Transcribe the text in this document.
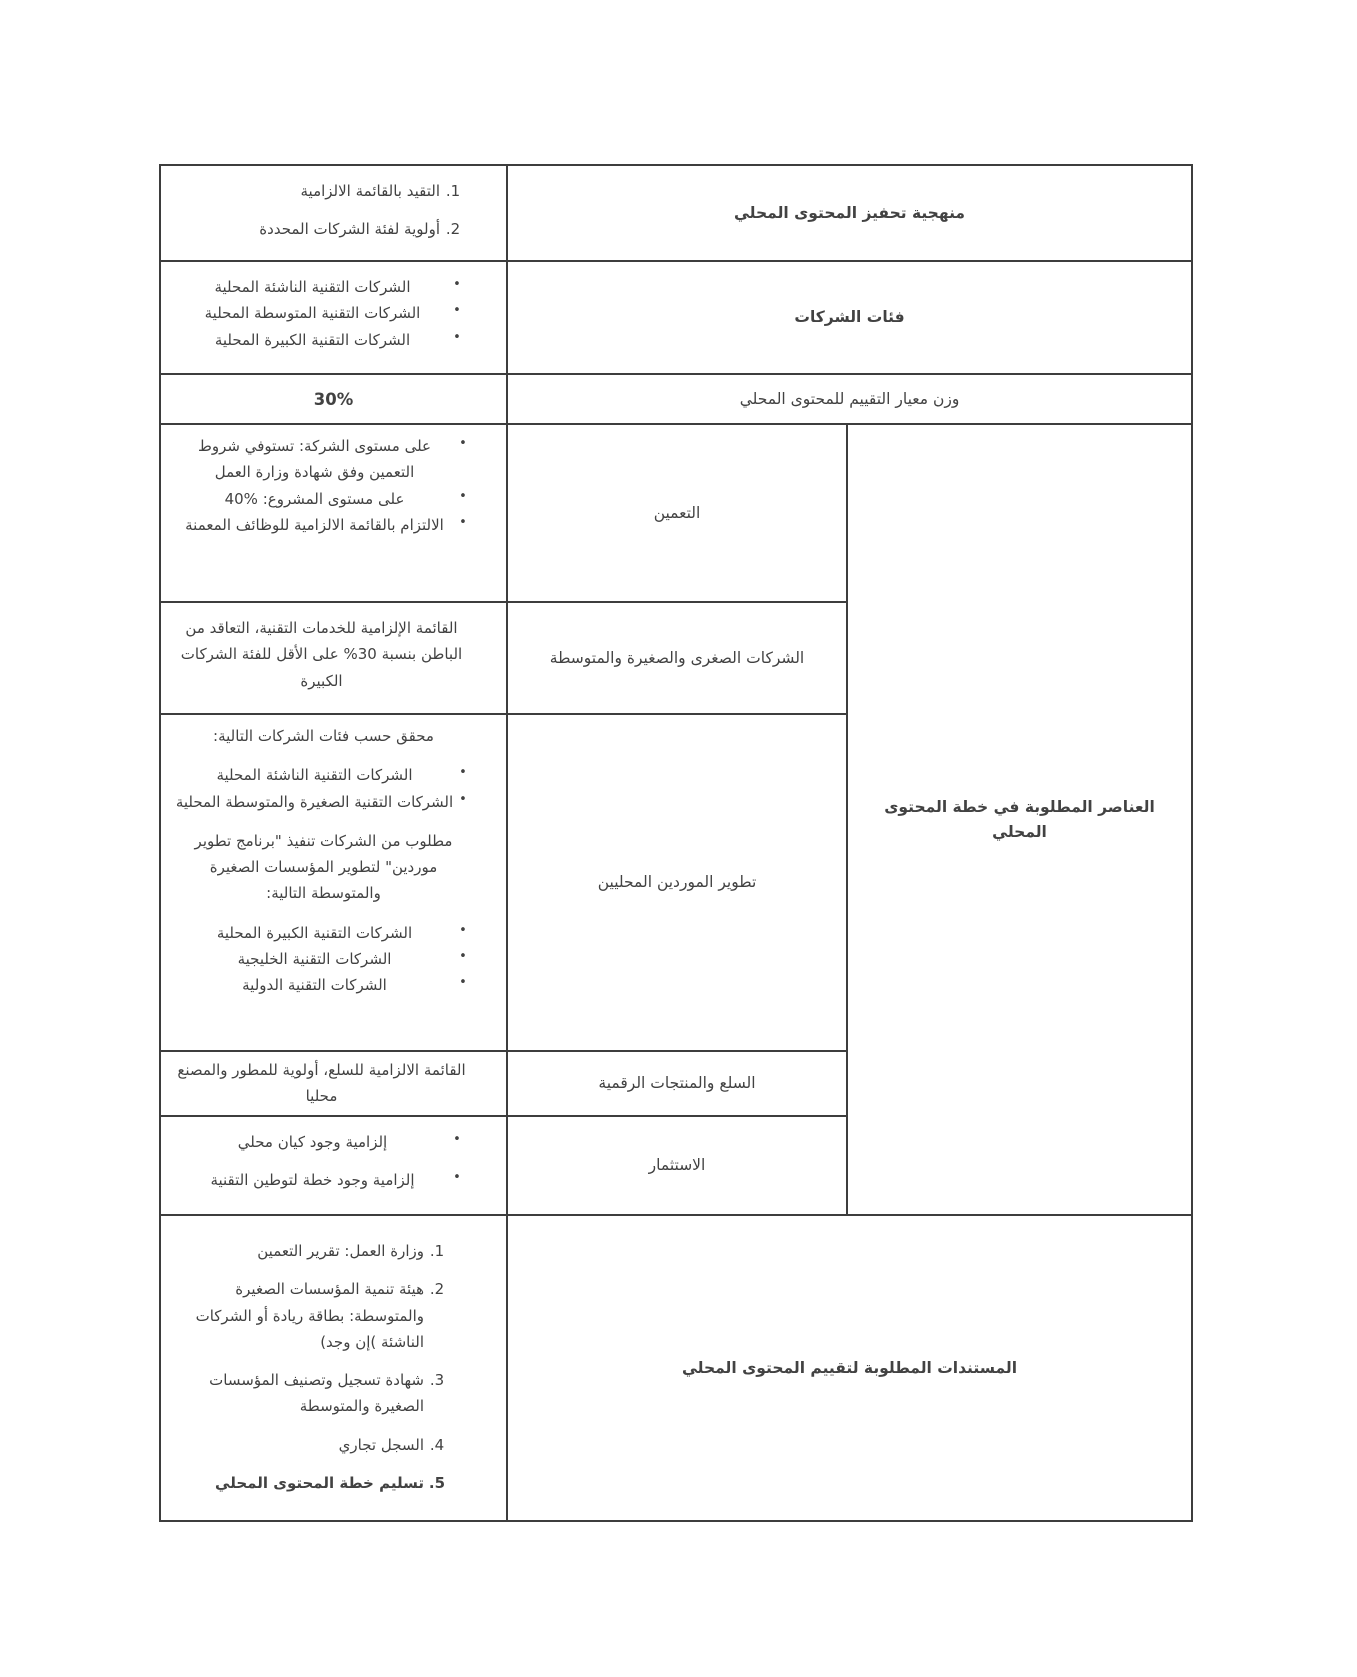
منهجية تحفيز المحتوى المحلي
1.
التقيد بالقائمة الالزامية
2.
أولوية لفئة الشركات المحددة
فئات الشركات
•
الشركات التقنية الناشئة المحلية
•
الشركات التقنية المتوسطة المحلية
•
الشركات التقنية الكبيرة المحلية
وزن معيار التقييم للمحتوى المحلي
30%
العناصر المطلوبة في خطة المحتوى المحلي
التعمين
•
على مستوى الشركة: تستوفي شروط التعمين وفق شهادة وزارة العمل
•
على مستوى المشروع: %40
•
الالتزام بالقائمة الالزامية للوظائف المعمنة
الشركات الصغرى والصغيرة والمتوسطة

القائمة الإلزامية للخدمات التقنية، التعاقد من الباطن بنسبة 30% على الأقل للفئة الشركات الكبيرة

تطوير الموردين المحليين

محقق حسب فئات الشركات التالية:

•
الشركات التقنية الناشئة المحلية
•
الشركات التقنية الصغيرة والمتوسطة المحلية

مطلوب من الشركات تنفيذ "برنامج تطوير موردين" لتطوير المؤسسات الصغيرة والمتوسطة التالية:

•
الشركات التقنية الكبيرة المحلية
•
الشركات التقنية الخليجية
•
الشركات التقنية الدولية
السلع والمنتجات الرقمية

القائمة الالزامية للسلع، أولوية للمطور والمصنع محليا

الاستثمار
•
إلزامية وجود كيان محلي
•
إلزامية وجود خطة لتوطين التقنية
المستندات المطلوبة لتقييم المحتوى المحلي
1.
وزارة العمل: تقرير التعمين
2.
هيئة تنمية المؤسسات الصغيرة والمتوسطة: بطاقة ريادة أو الشركات الناشئة )إن وجد)
3.
شهادة تسجيل وتصنيف المؤسسات الصغيرة والمتوسطة
4.
السجل تجاري
5.
تسليم خطة المحتوى المحلي
